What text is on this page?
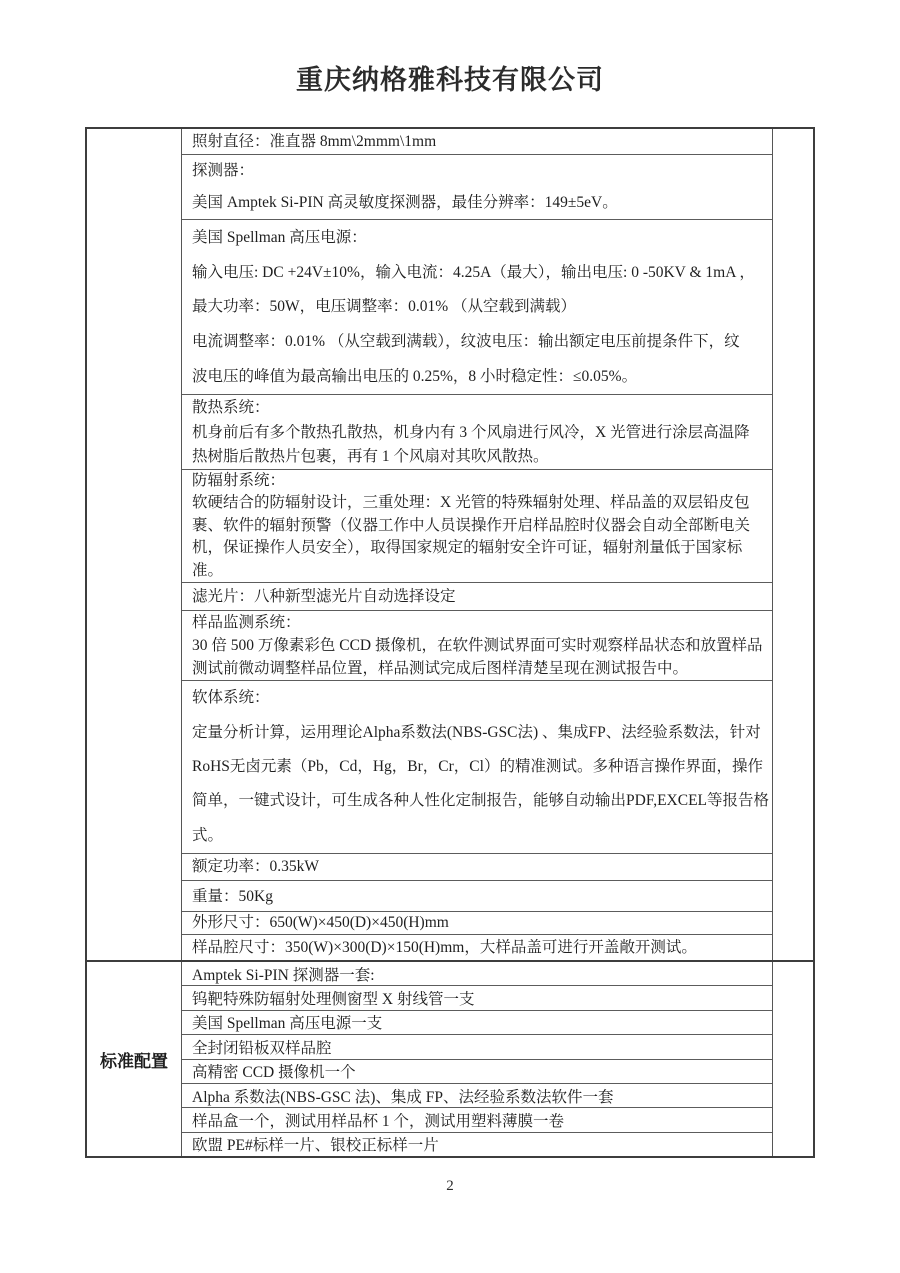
重庆纳格雅科技有限公司
照射直径：准直器 8mm\2mmm\1mm
探测器：
美国 Amptek Si-PIN 高灵敏度探测器，最佳分辨率：149±5eV。
美国 Spellman 高压电源：
输入电压: DC +24V±10%，输入电流：4.25A（最大），输出电压: 0 -50KV & 1mA ，
最大功率：50W，电压调整率：0.01% （从空载到满载）
电流调整率：0.01% （从空载到满载），纹波电压：输出额定电压前提条件下，纹
波电压的峰值为最高输出电压的 0.25%，8 小时稳定性：≤0.05%。
散热系统：
机身前后有多个散热孔散热，机身内有 3 个风扇进行风冷，X 光管进行涂层高温降
热树脂后散热片包裹，再有 1 个风扇对其吹风散热。
防辐射系统：
软硬结合的防辐射设计，三重处理：X 光管的特殊辐射处理、样品盖的双层铅皮包
裹、软件的辐射预警（仪器工作中人员误操作开启样品腔时仪器会自动全部断电关
机，保证操作人员安全），取得国家规定的辐射安全许可证，辐射剂量低于国家标
准。
滤光片：八种新型滤光片自动选择设定
样品监测系统：
30 倍 500 万像素彩色 CCD 摄像机，在软件测试界面可实时观察样品状态和放置样品
测试前微动调整样品位置，样品测试完成后图样清楚呈现在测试报告中。
软体系统：
定量分析计算，运用理论Alpha系数法(NBS-GSC法) 、集成FP、法经验系数法，针对
RoHS无卤元素（Pb，Cd，Hg，Br，Cr，Cl）的精准测试。多种语言操作界面，操作
简单，一键式设计，可生成各种人性化定制报告，能够自动输出PDF,EXCEL等报告格
式。
额定功率：0.35kW
重量：50Kg
外形尺寸：650(W)×450(D)×450(H)mm
样品腔尺寸：350(W)×300(D)×150(H)mm，大样品盖可进行开盖敞开测试。
标准配置
Amptek Si-PIN 探测器一套:
钨靶特殊防辐射处理侧窗型 X 射线管一支
美国 Spellman 高压电源一支
全封闭铅板双样品腔
高精密 CCD 摄像机一个
Alpha 系数法(NBS-GSC 法)、集成 FP、法经验系数法软件一套
样品盒一个，测试用样品杯 1 个，测试用塑料薄膜一卷
欧盟 PE#标样一片、银校正标样一片
2
